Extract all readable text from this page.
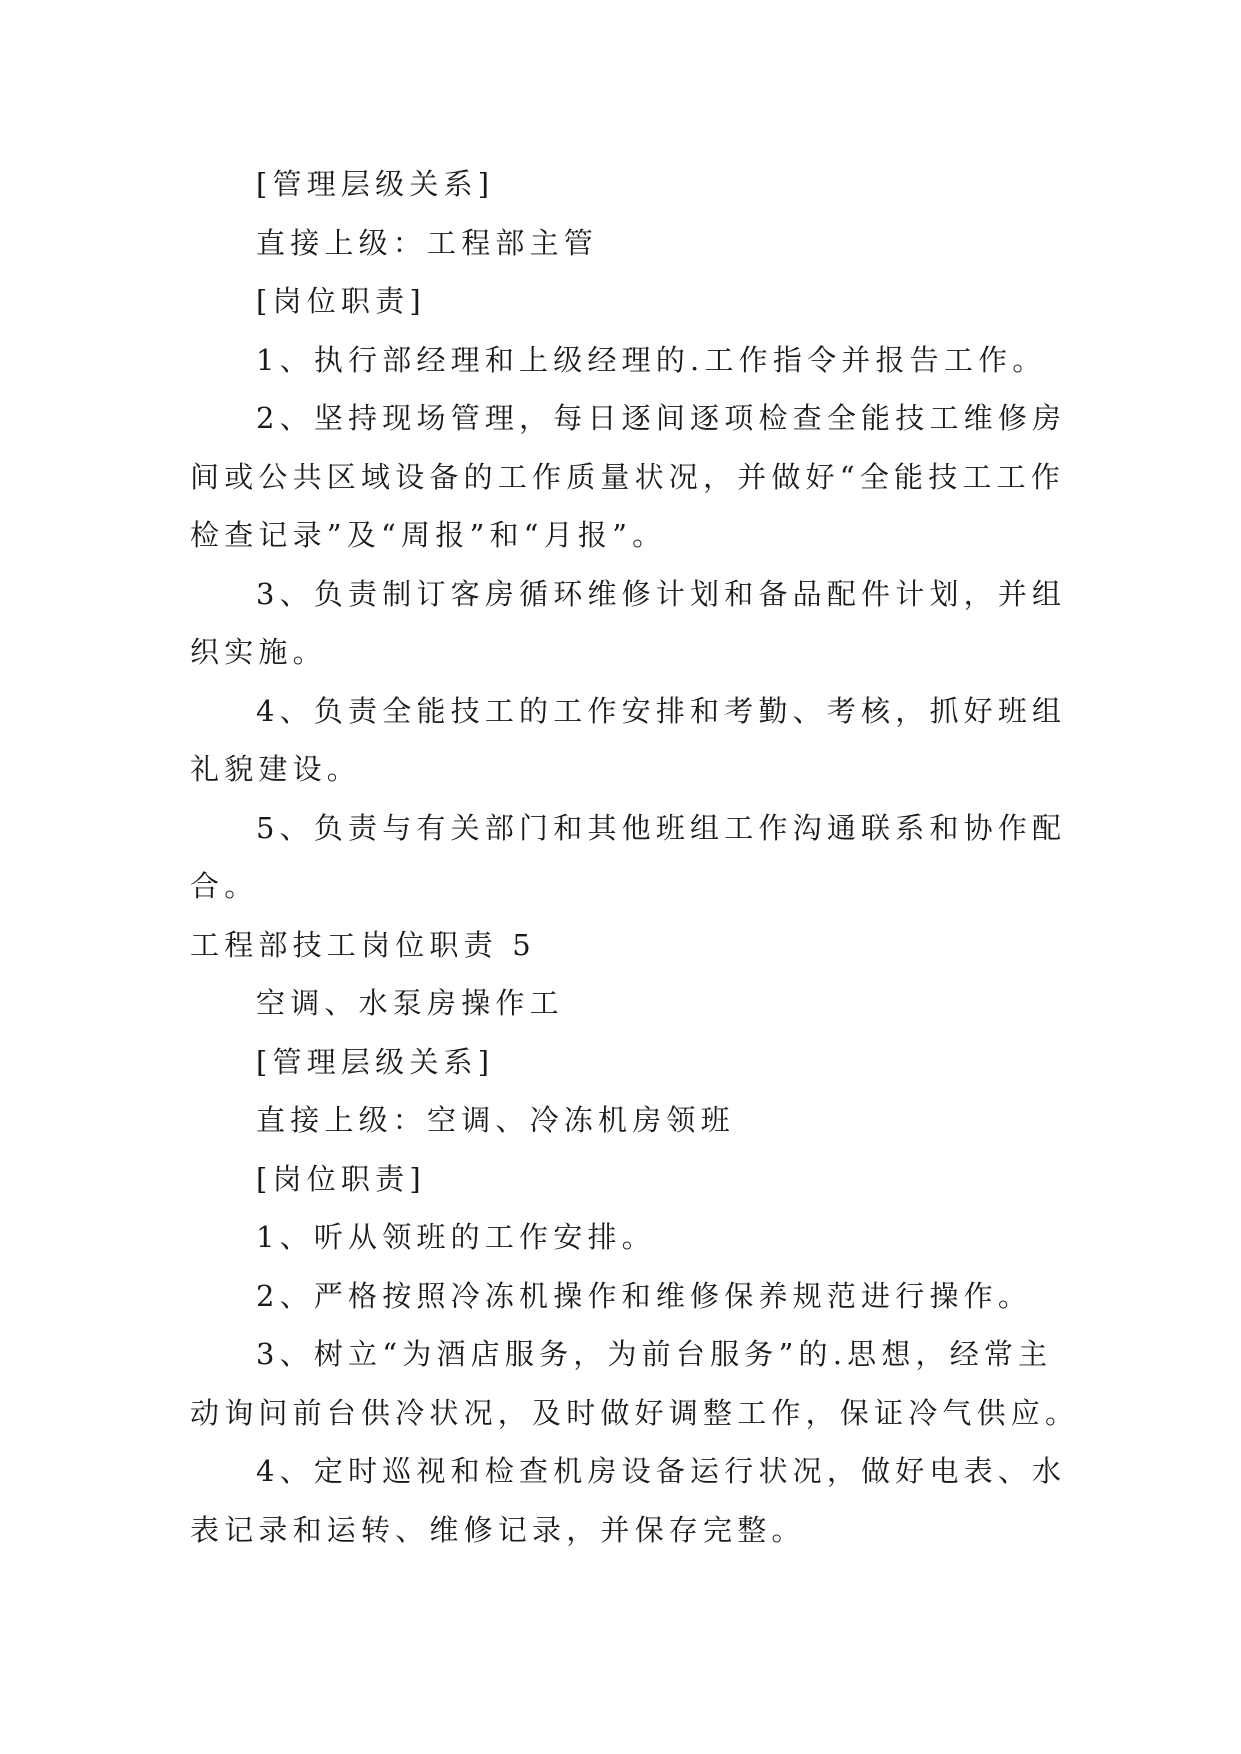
[管理层级关系]

直接上级：工程部主管

[岗位职责]

1、执行部经理和上级经理的.工作指令并报告工作。

2、坚持现场管理，每日逐间逐项检查全能技工维修房

间或公共区域设备的工作质量状况，并做好“全能技工工作

检查记录”及“周报”和“月报”。

3、负责制订客房循环维修计划和备品配件计划，并组

织实施。

4、负责全能技工的工作安排和考勤、考核，抓好班组

礼貌建设。

5、负责与有关部门和其他班组工作沟通联系和协作配

合。

工程部技工岗位职责 5

空调、水泵房操作工

[管理层级关系]

直接上级：空调、冷冻机房领班

[岗位职责]

1、听从领班的工作安排。

2、严格按照冷冻机操作和维修保养规范进行操作。

3、树立“为酒店服务，为前台服务”的.思想，经常主

动询问前台供冷状况，及时做好调整工作，保证冷气供应。

4、定时巡视和检查机房设备运行状况，做好电表、水

表记录和运转、维修记录，并保存完整。
